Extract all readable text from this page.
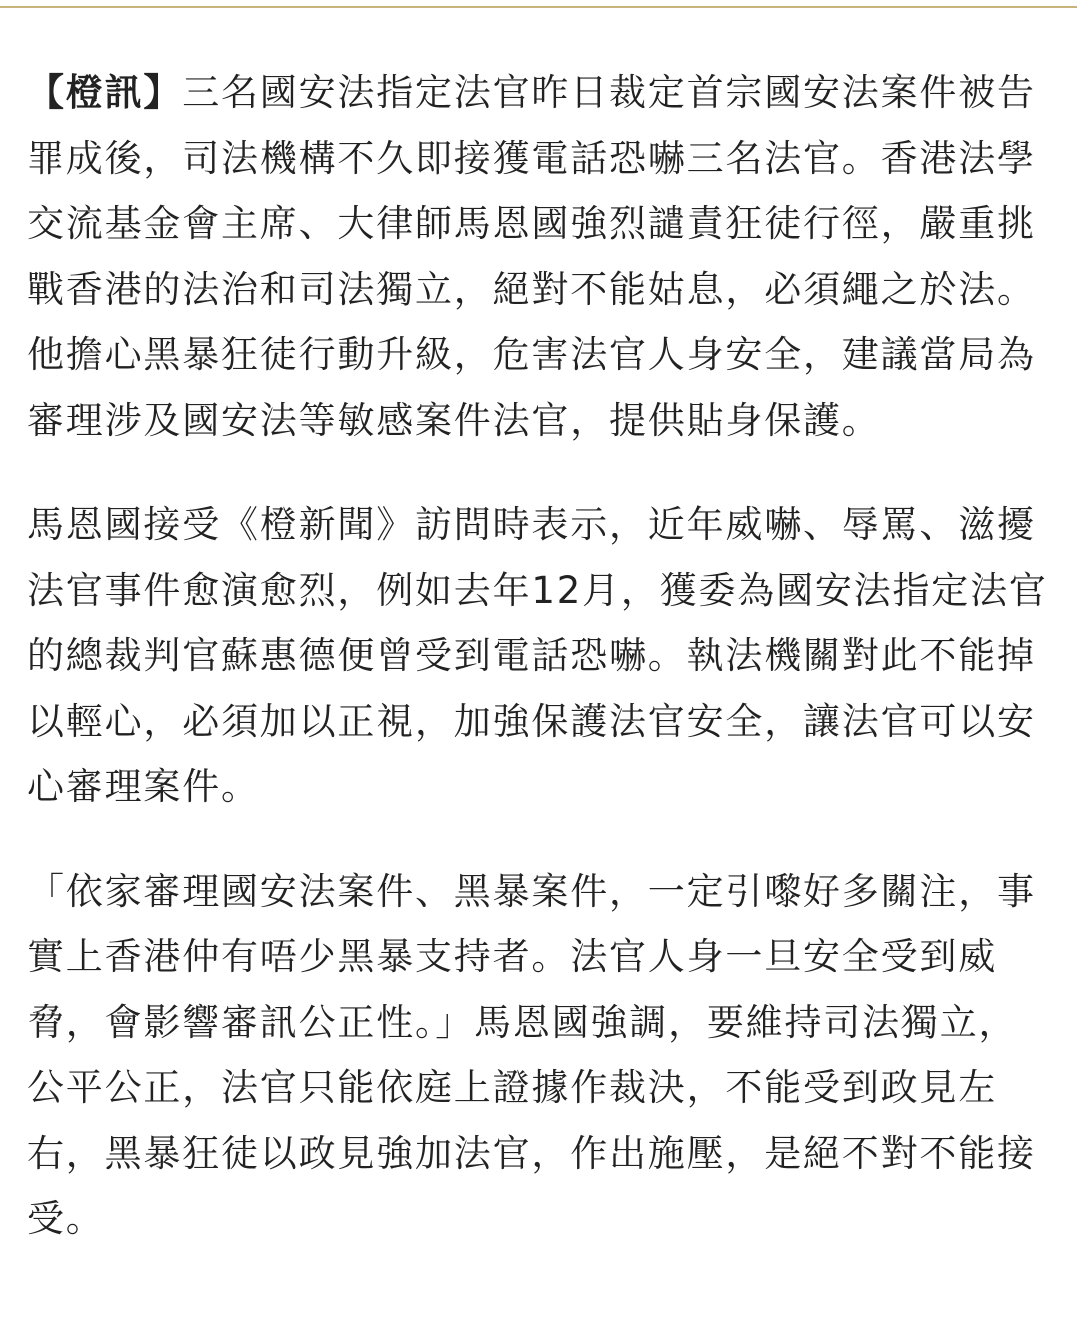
【橙訊】三名國安法指定法官昨日裁定首宗國安法案件被告罪成後，司法機構不久即接獲電話恐嚇三名法官。香港法學交流基金會主席、大律師馬恩國強烈譴責狂徒行徑，嚴重挑戰香港的法治和司法獨立，絕對不能姑息，必須繩之於法。他擔心黑暴狂徒行動升級，危害法官人身安全，建議當局為審理涉及國安法等敏感案件法官，提供貼身保護。

馬恩國接受《橙新聞》訪問時表示，近年威嚇、辱罵、滋擾法官事件愈演愈烈，例如去年12月，獲委為國安法指定法官的總裁判官蘇惠德便曾受到電話恐嚇。執法機關對此不能掉以輕心，必須加以正視，加強保護法官安全，讓法官可以安心審理案件。

「依家審理國安法案件、黑暴案件，一定引嚟好多關注，事實上香港仲有唔少黑暴支持者。法官人身一旦安全受到威脅，會影響審訊公正性。」馬恩國強調，要維持司法獨立，公平公正，法官只能依庭上證據作裁決，不能受到政見左右，黑暴狂徒以政見強加法官，作出施壓，是絕不對不能接受。
